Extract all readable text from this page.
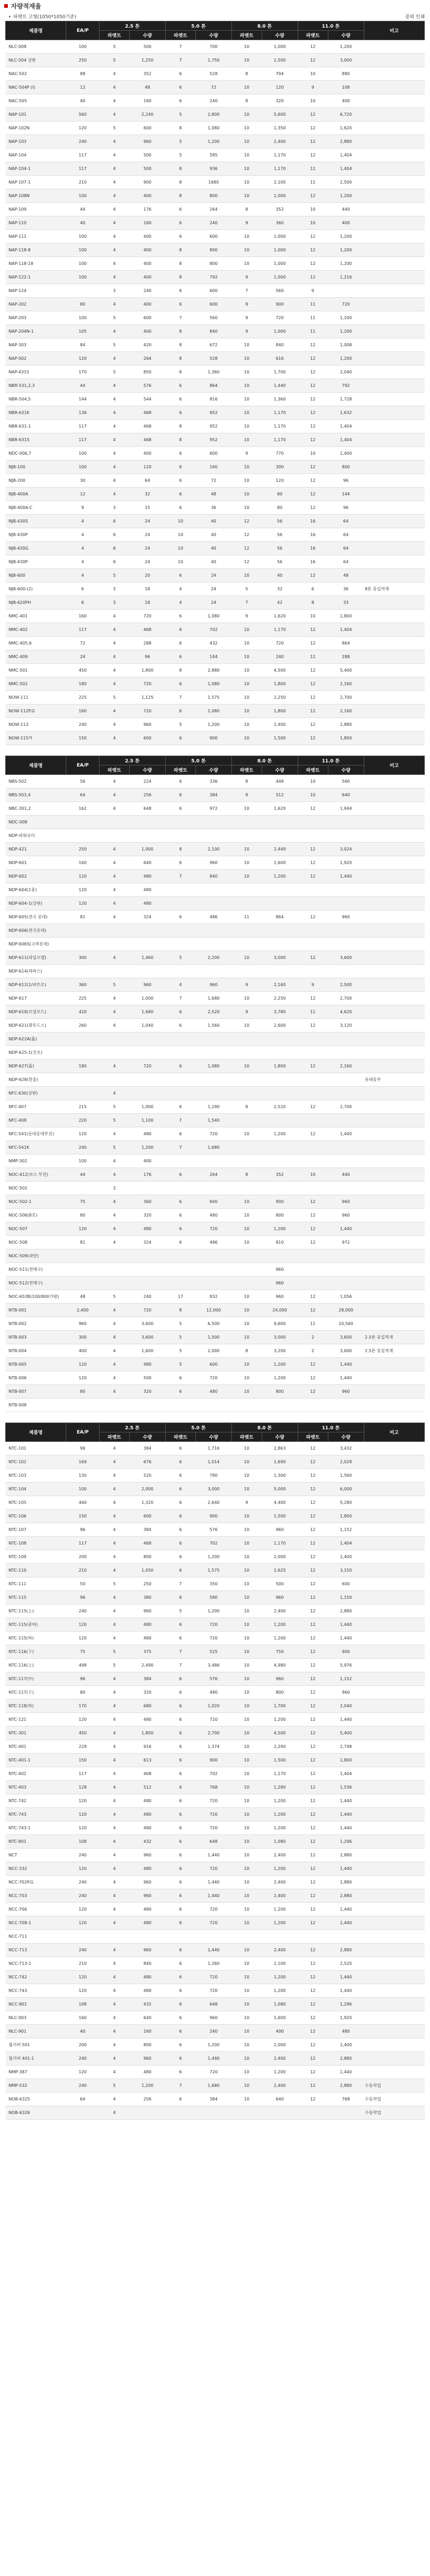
자량적재율
• 파렛트 고형(1050*1050기준)	중외 인쇄
제품명	EA/P	2.5 톤		5.0 톤		8.0 톤		11.0 톤		비고
		파렛트	수량	파렛트	수량	파렛트	수량	파렛트	수량	
NLC-008	100	5	500	7	700	10	1,000	12	1,200	
NLC-504 상판	250	5	1,250	7	1,750	10	2,500	12	3,000	
NAC-502	88	4	352	6	528	8	704	10	880	
NAC-504P (I)	12	4	48	6	72	10	120	9	108	
NAC-505	40	4	160	6	240	8	320	10	400	
NAP-101	560	4	2,240	5	2,800	10	5,600	12	6,720	
NAP-102N	120	5	600	8	1,080	10	1,350	12	1,620	
NAP-103	240	4	960	5	1,200	10	2,400	12	2,880	
NAP-104	117	4	500	5	585	10	1,170	12	1,404	
NAP-104-1	117	4	500	8	936	10	1,170	12	1,404	
NAP-107-1	210	4	900	8	1680	10	2,100	11	2,500	
NAP-108N	100	4	400	8	800	10	1,000	12	1,200	
NAP-109	44	4	176	6	264	8	352	10	440	
NAP-110	40	4	160	6	240	9	360	10	400	
NAP-111	100	4	400	6	600	10	1,000	12	1,200	
NAP-118-8	100	4	400	8	800	10	1,000	12	1,200	
NAP-118-18	100	4	400	8	800	10	1,000	12	1,200	
NAP-122-1	100	4	400	8	792	9	1,000	12	1,216	
NAP-124		3	240	6	600	7	560	9		
NAP-202	80	4	400	6	600	9	900	11	720	
NAP-203	100	5	600	7	560	9	720	11	1,100	
NAP-204N-1	105	4	400	8	840	9	1,000	11	1,200	
NAP-303	84	5	420	8	672	10	840	12	1,008	
NAP-502	120	4	264	8	528	10	616	12	1,200	
NAP-431S	170	5	850	8	1,360	10	1,700	12	2,040	
NBR-531,2,3	44	4	576	6	864	10	1,440	12	792	
NBR-504,5	144	4	544	6	816	10	1,360	12	1,728	
NBR-631K	136	4	468	6	952	10	1,170	12	1,632	
NBR-631-1	117	4	468	8	952	10	1,170	12	1,404	
NBR-631S	117	4	468	8	952	10	1,170	12	1,404	
NDC-006,7	100	4	400	6	600	9	770	10	1,400	
NJB-100	100	4	120	6	160	10	300	12	800	
NJB-200	30	4	64	6	72	10	120	12	96	
NJB-400A	12	4	32	6	48	10	80	12	144	
NJB-400A-C	9	3	15	6	36	10	80	12	96	
NJB-430S	4	6	24	10	40	12	56	16	64	
NJB-430P	4	6	24	10	40	12	56	16	64	
NJB-430G	4	6	24	10	40	12	56	16	64	
NJB-430P	4	6	24	10	40	12	56	16	64	
NJB-600	4	5	20	6	24	10	40	12	48	
NJB-600-(2)	6	3	18	4	24	5	32	6	36	8톤 동일적재
NJB-620PH	6	3	18	4	24	7	42	8	33	
NMC-401	160	4	720	6	1,080	9	1,620	10	1,800	
NMC-402	117	4	468	6	702	10	1,170	12	1,404	
NMC-405,6	72	4	288	6	432	10	720	12	864	
NMC-409	24	4	96	6	144	10	240	12	288	
NMC-501	450	4	1,800	8	2,880	10	4,500	12	5,400	
NMC-502	180	4	720	6	1,080	10	1,800	12	2,160	
NOW-111	225	5	1,125	7	1,575	10	2,250	12	2,700	
NOW-112P.G	160	4	720	6	1,080	10	1,800	12	2,160	
NOW-113	240	4	960	5	1,200	10	2,400	12	2,880	
NOW-115까	150	4	600	6	900	10	1,500	12	1,800	
제품명	EA/P	2.5 톤		5.0 톤		8.0 톤		11.0 톤		비고
		파렛트	수량	파렛트	수량	파렛트	수량	파렛트	수량	
NBS-502	56	4	224	6	336	8	448	10	560	
NBS-503,4	64	4	256	6	384	9	512	10	640	
NBC-301,2	162	4	648	6	972	10	1,620	12	1,944	
NDC-008										
NDP-파워슈터										
NDP-421	250	4	1,000	8	2,100	10	2,449	12	3,024	
NDP-601	160	4	640	6	960	10	1,600	12	1,920	
NDP-602	120	4	480	7	840	10	1,200	12	1,440	
NDP-604(1종)	120	4	480							
NDP-604-1(상판)	120	4	480							
NDP-605(전극 롯데)	81	4	324	6	486	11	864	12	960	
NDP-606(전극롯데)										
NDP-606S(고려롯데)										
NDP-611(파일프랩)	300	4	1,460	5	2,200	10	3,000	12	3,600	
NDP-614(파파스)										
NDP-612(1/파트로)	360	5	960	4	960	9	2,160	9	2,500	
NDP-617	225	4	1,000	7	1,680	10	2,250	12	2,700	
NDP-618(로열로드)	420	4	1,680	6	2,520	9	3,780	11	4,620	
NDP-621(화루드스)	260	4	1,040	6	1,560	10	2,600	12	3,120	
NDP-622A(롤)										
NDP-625-1(건조)										
NDP-627(롤)	180	4	720	6	1,080	10	1,800	12	2,160	
NDP-628(한울)										유래동부
NFC-630(상판)		4								
NFC-407	215	5	1,000	6	1,290	8	2,520	12	2,700	
NFC-408	220	5	1,100	7	1,540					
NFC-541(롯데롯데부진)	120	4	480	6	720	10	1,200	12	1,440	
NFC-541K	240	5	1,200	7	1,680					
NMP-302	100	4	400							
NOC-412(보스 부진)	44	4	176	6	264	8	352	10	440	
NOC-501		3								
NOC-502-1	75	4	360	6	600	10	900	12	960	
NOC-506(8호)	80	4	320	6	480	10	800	12	960	
NOC-507	120	4	480	6	720	10	1,200	12	1,440	
NOC-508	81	4	324	6	486	10	810	12	972	
NOC-509(파란)										
NOC-511(전매구)							960			
NOC-512(전매구)							960			
NOC-653B(100/800가평)	48	5	240	17	832	10	960	12	1,056	
NTB-001	2,400	4	720	8	12,000	10	24,000	12	28,000	
NTB-002	960	4	3,600	5	6,500	10	9,600	11	10,560	
NTB-003	300	4	3,600	5	1,500	10	3,000	2	3,600	2.5톤 동일적재
NTB-004	400	4	1,600	5	2,000	8	3,200	2	3,600	2.5톤 동일적재
NTB-005	120	4	480	5	600	10	1,200	12	1,440	
NTB-006	120	4	500	6	720	10	1,200	12	1,440	
NTB-007	80	4	320	6	480	10	800	12	960	
NTB-008										
제품명	EA/P	2.5 톤		5.0 톤		8.0 톤		11.0 톤		비고
		파렛트	수량	파렛트	수량	파렛트	수량	파렛트	수량	
NTC-101	96	4	384	6	1,716	10	2,863	12	3,432	
NTC-102	169	4	676	6	1,014	10	1,690	12	2,028	
NTC-103	130	4	520	6	780	10	1,300	12	1,560	
NTC-104	100	4	2,000	6	3,000	10	5,000	12	6,000	
NTC-105	440	4	1,320	6	2,640	9	4,400	12	5,280	
NTC-106	150	4	600	6	900	10	1,500	12	1,800	
NTC-107	96	4	384	6	576	10	960	12	1,152	
NTC-108	117	4	468	6	702	10	1,170	12	1,404	
NTC-109	200	4	800	6	1,200	10	2,000	12	2,400	
NTC-110	210	4	1,050	6	1,575	10	2,625	12	3,150	
NTC-111	50	5	250	7	350	10	500	12	600	
NTC-115	96	4	380	6	580	10	960	12	1,150	
NTC-115(上)	240	4	960	5	1,200	10	2,400	12	2,880	
NTC-115(중하)	120	4	480	6	720	10	1,200	12	1,440	
NTC-115(하)	120	4	480	6	720	10	1,200	12	1,440	
NTC-116(下)	75	5	375	7	525	10	750	12	900	
NTC-116(上)	498	5	2,490	7	3,486	10	4,980	12	5,976	
NTC-117(中)	96	4	384	6	576	10	960	12	1,152	
NTC-117(下)	80	4	320	6	480	10	800	12	960	
NTC-118(하)	170	4	680	6	1,020	10	1,700	12	2,040	
NTC-121	120	4	480	6	720	10	1,200	12	1,440	
NTC-301	450	4	1,800	6	2,700	10	4,500	12	5,400	
NTC-401	229	4	916	6	1,374	10	2,290	12	2,748	
NTC-401-1	150	4	613	6	900	10	1,500	12	1,800	
NTC-402	117	4	468	6	702	10	1,170	12	1,404	
NTC-403	128	4	512	6	768	10	1,280	12	1,536	
NTC-742	120	4	480	6	720	10	1,200	12	1,440	
NTC-743	120	4	480	6	720	10	1,200	12	1,440	
NTC-743-1	120	4	480	6	720	10	1,200	12	1,440	
NTC-801	108	4	432	6	648	10	1,080	12	1,296	
NCT	240	4	960	6	1,440	10	2,400	12	2,880	
NCC-332	120	4	480	6	720	10	1,200	12	1,440	
NCC-702P.G	240	4	960	6	1,440	10	2,400	12	2,880	
NCC-703	240	4	960	6	1,440	10	2,400	12	2,880	
NCC-706	120	4	480	6	720	10	1,200	12	1,440	
NCC-708-1	120	4	480	6	720	10	1,200	12	1,440	
NCC-711										
NCC-713	240	4	960	6	1,440	10	2,400	12	2,880	
NCC-713-1	210	4	840	6	1,260	10	2,100	12	2,520	
NCC-742	120	4	480	6	720	10	1,200	12	1,440	
NCC-743	120	4	480	6	720	10	1,200	12	1,440	
NCC-801	108	4	432	6	648	10	1,080	12	1,296	
NLC-003	160	4	640	6	960	10	1,600	12	1,920	
NLC-901	40	4	160	6	240	10	400	12	480	
월키버 501	200	4	800	6	1,200	10	2,000	12	2,400	
월키버 401-1	240	4	960	6	1,440	10	2,400	12	2,880	
NMP-387	120	4	480	6	720	10	1,200	12	1,440	
NMP-532	240	5	1,200	7	1,680	10	2,400	12	2,880	수동작업
NOB-6325	64	4	256	6	384	10	640	12	768	수동작업
NOB-6326		4								수동작업
